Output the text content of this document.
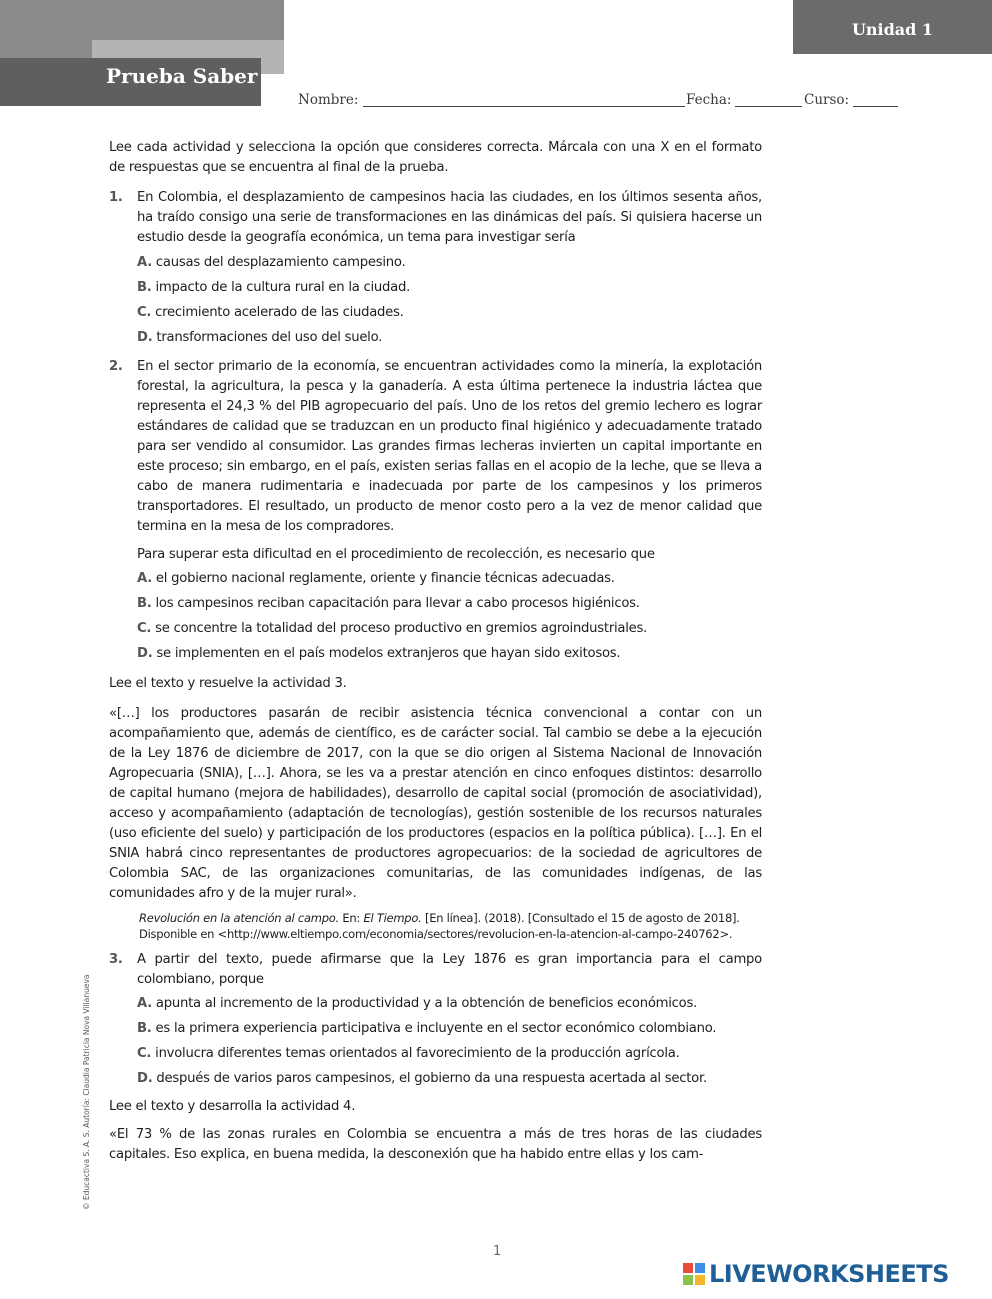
Prueba Saber
Unidad 1
Nombre:	Fecha:	Curso:

Lee cada actividad y selecciona la opción que consideres correcta. Márcala con una X en el formato de respuestas que se encuentra al final de la prueba.

1. En Colombia, el desplazamiento de campesinos hacia las ciudades, en los últimos sesenta años, ha traído consigo una serie de transformaciones en las dinámicas del país. Si quisiera hacerse un estudio desde la geografía económica, un tema para investigar sería

A. causas del desplazamiento campesino.

B. impacto de la cultura rural en la ciudad.

C. crecimiento acelerado de las ciudades.

D. transformaciones del uso del suelo.

2. En el sector primario de la economía, se encuentran actividades como la minería, la explotación forestal, la agricultura, la pesca y la ganadería. A esta última pertenece la industria láctea que representa el 24,3 % del PIB agropecuario del país. Uno de los retos del gremio lechero es lograr estándares de calidad que se traduzcan en un producto final higiénico y adecuadamente tratado para ser vendido al consumidor. Las grandes firmas lecheras invierten un capital importante en este proceso; sin embargo, en el país, existen serias fallas en el acopio de la leche, que se lleva a cabo de manera rudimentaria e inadecuada por parte de los campesinos y los primeros transportadores. El resultado, un producto de menor costo pero a la vez de menor calidad que termina en la mesa de los compradores.

Para superar esta dificultad en el procedimiento de recolección, es necesario que

A. el gobierno nacional reglamente, oriente y financie técnicas adecuadas.

B. los campesinos reciban capacitación para llevar a cabo procesos higiénicos.

C. se concentre la totalidad del proceso productivo en gremios agroindustriales.

D. se implementen en el país modelos extranjeros que hayan sido exitosos.

Lee el texto y resuelve la actividad 3.

«[…] los productores pasarán de recibir asistencia técnica convencional a contar con un acompañamiento que, además de científico, es de carácter social. Tal cambio se debe a la ejecución de la Ley 1876 de diciembre de 2017, con la que se dio origen al Sistema Nacional de Innovación Agropecuaria (SNIA), […]. Ahora, se les va a prestar atención en cinco enfoques distintos: desarrollo de capital humano (mejora de habilidades), desarrollo de capital social (promoción de asociatividad), acceso y acompañamiento (adaptación de tecnologías), gestión sostenible de los recursos naturales (uso eficiente del suelo) y participación de los productores (espacios en la política pública). […]. En el SNIA habrá cinco representantes de productores agropecuarios: de la sociedad de agricultores de Colombia SAC, de las organizaciones comunitarias, de las comunidades indígenas, de las comunidades afro y de la mujer rural».

Revolución en la atención al campo. En: El Tiempo. [En línea]. (2018). [Consultado el 15 de agosto de 2018].
Disponible en <http://www.eltiempo.com/economia/sectores/revolucion-en-la-atencion-al-campo-240762>.

3. A partir del texto, puede afirmarse que la Ley 1876 es gran importancia para el campo colombiano, porque

A. apunta al incremento de la productividad y a la obtención de beneficios económicos.

B. es la primera experiencia participativa e incluyente en el sector económico colombiano.

C. involucra diferentes temas orientados al favorecimiento de la producción agrícola.

D. después de varios paros campesinos, el gobierno da una respuesta acertada al sector.

Lee el texto y desarrolla la actividad 4.

«El 73 % de las zonas rurales en Colombia se encuentra a más de tres horas de las ciudades capitales. Eso explica, en buena medida, la desconexión que ha habido entre ellas y los cam-

© Educactiva S. A. S. Autoría: Claudia Patricia Nova Villanueva
1
LIVEWORKSHEETS
